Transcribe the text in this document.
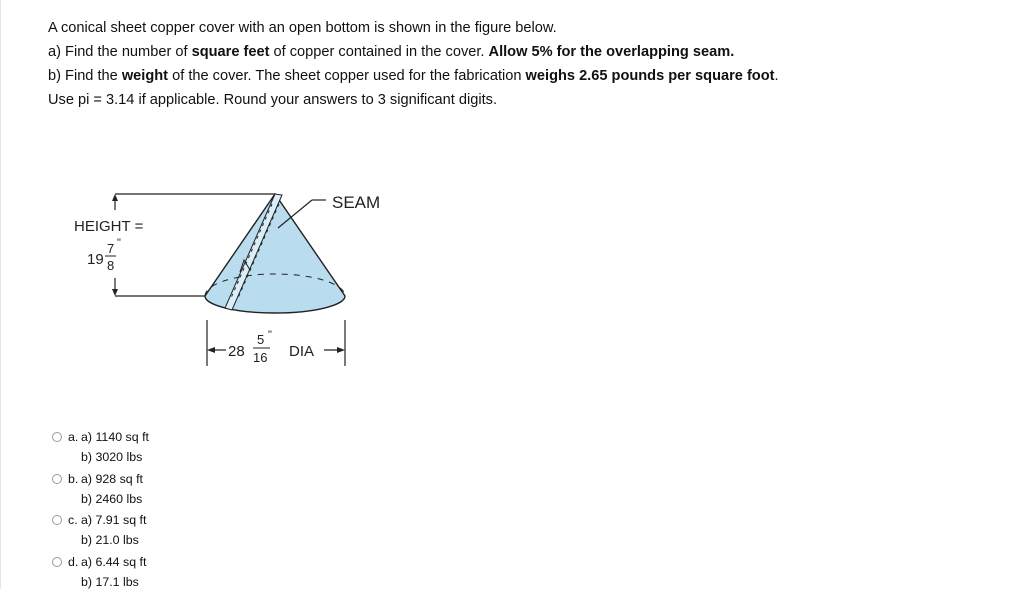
A conical sheet copper cover with an open bottom is shown in the figure below.

a) Find the number of square feet of copper contained in the cover. Allow 5% for the overlapping seam.

b) Find the weight of the cover. The sheet copper used for the fabrication weighs 2.65 pounds per square foot.

Use pi = 3.14 if applicable. Round your answers to 3 significant digits.

HEIGHT =
19
7 "
8
SEAM
28
5 "
16 DIA
a. a) 1140 sq ft
b) 3020 lbs
b. a) 928 sq ft
b) 2460 lbs
c. a) 7.91 sq ft
b) 21.0 lbs
d. a) 6.44 sq ft
b) 17.1 lbs
